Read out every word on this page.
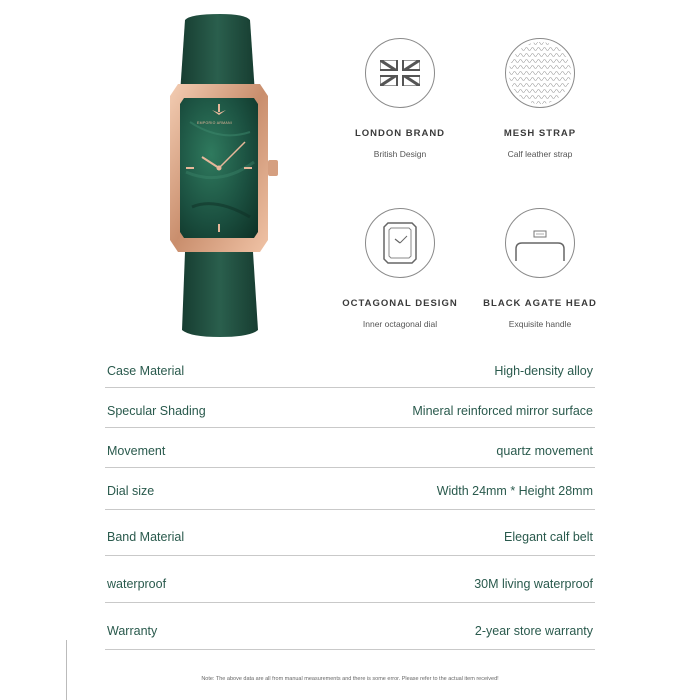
EMPORIO ARMANI
LONDON BRAND
British Design
MESH STRAP
Calf leather strap
OCTAGONAL DESIGN
Inner octagonal dial
BLACK AGATE HEAD
Exquisite handle
Case Material	High-density alloy
Specular Shading	Mineral reinforced mirror surface
Movement	quartz movement
Dial size	Width 24mm * Height 28mm
Band Material	Elegant calf belt
waterproof	30M living waterproof
Warranty	2-year store warranty
Note: The above data are all from manual measurements and there is some error. Please refer to the actual item received!
